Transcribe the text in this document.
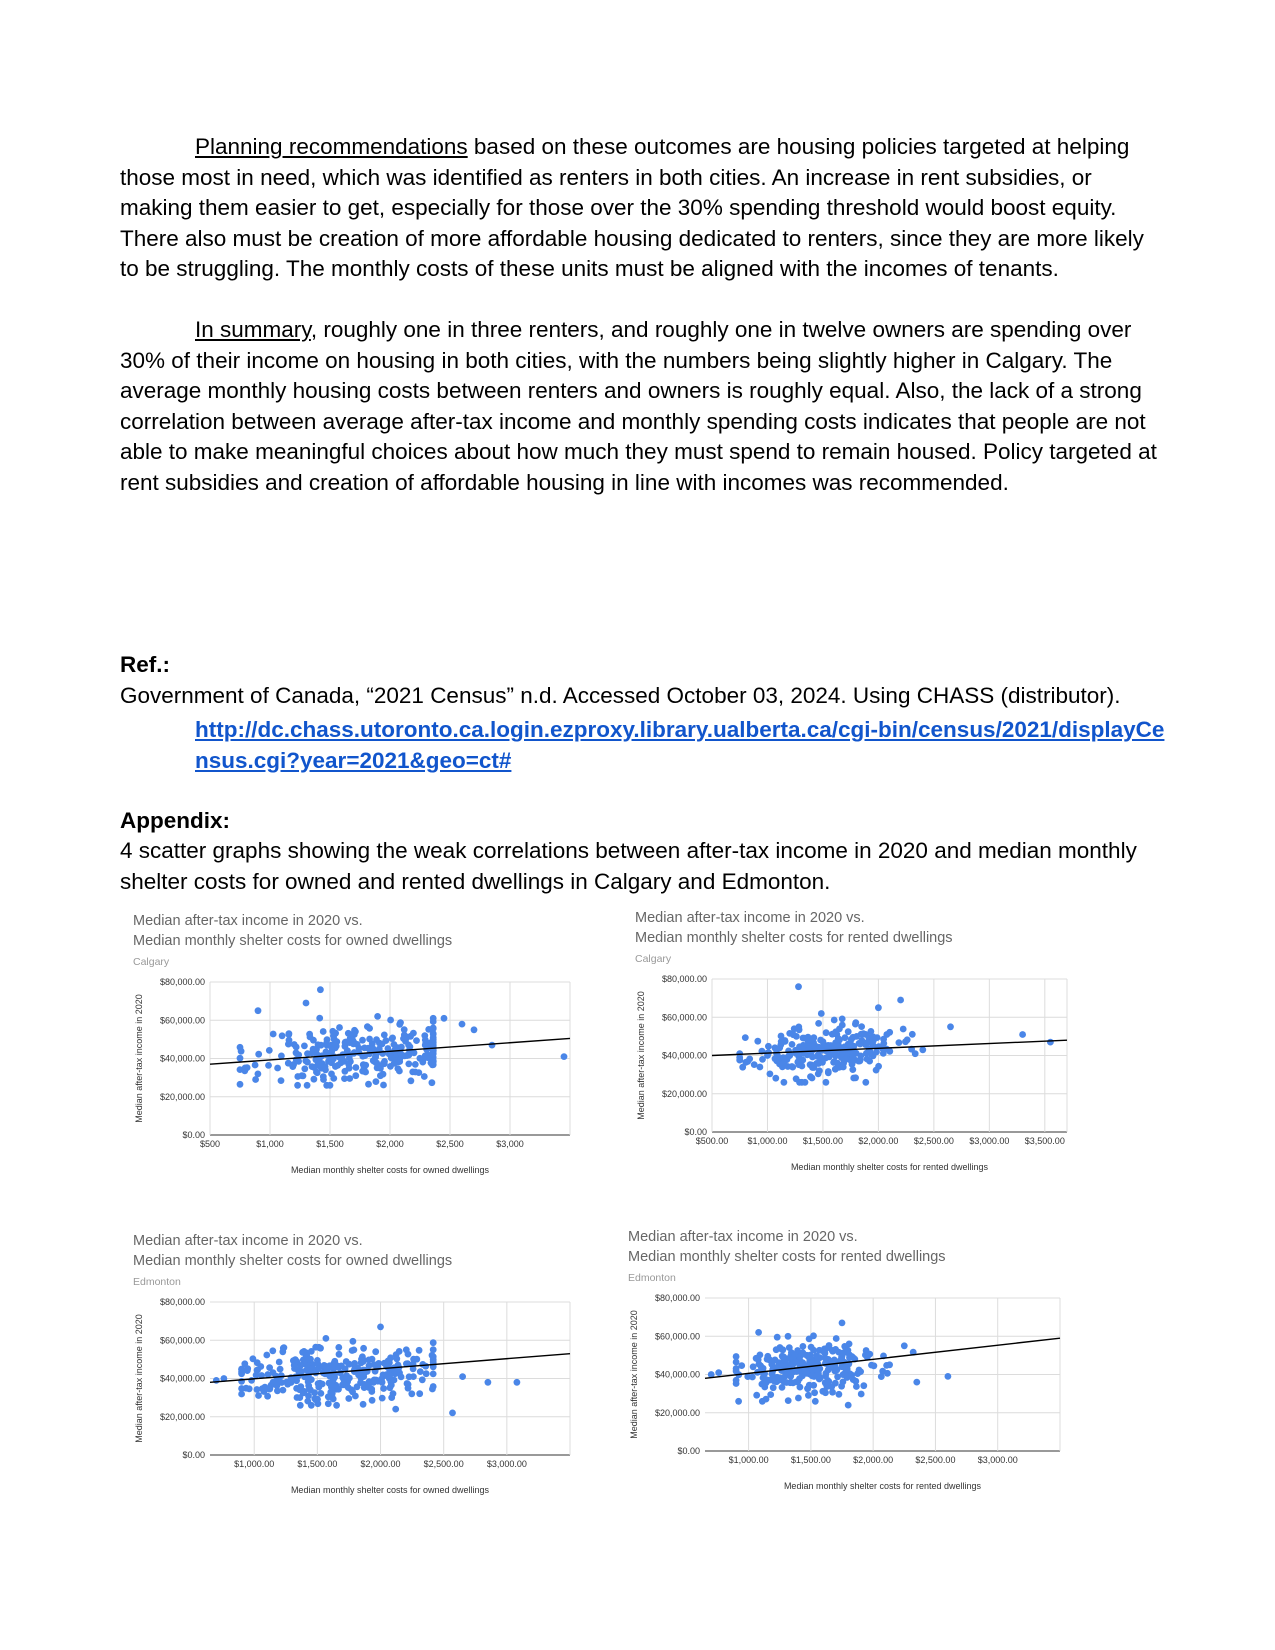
Planning recommendations based on these outcomes are housing policies targeted at helping those most in need, which was identified as renters in both cities. An increase in rent subsidies, or making them easier to get, especially for those over the 30% spending threshold would boost equity. There also must be creation of more affordable housing dedicated to renters, since they are more likely to be struggling. The monthly costs of these units must be aligned with the incomes of tenants.

In summary, roughly one in three renters, and roughly one in twelve owners are spending over 30% of their income on housing in both cities, with the numbers being slightly higher in Calgary. The average monthly housing costs between renters and owners is roughly equal. Also, the lack of a strong correlation between average after-tax income and monthly spending costs indicates that people are not able to make meaningful choices about how much they must spend to remain housed. Policy targeted at rent subsidies and creation of affordable housing in line with incomes was recommended.

Ref.:

Government of Canada, “2021 Census” n.d. Accessed October 03, 2024. Using CHASS (distributor).

http://dc.chass.utoronto.ca.login.ezproxy.library.ualberta.ca/cgi-bin/census/2021/displayCensus.cgi?year=2021&geo=ct#

Appendix:

4 scatter graphs showing the weak correlations between after-tax income in 2020 and median monthly shelter costs for owned and rented dwellings in Calgary and Edmonton.

Median after-tax income in 2020 vs.
Median monthly shelter costs for owned dwellings
Calgary
$0.00
$20,000.00
$40,000.00
$60,000.00
$80,000.00
$500	$1,000	$1,500	$2,000	$2,500	$3,000
Median monthly shelter costs for owned dwellings
Median after-tax income in 2020
Median after-tax income in 2020 vs.
Median monthly shelter costs for rented dwellings
Calgary
$0.00
$20,000.00
$40,000.00
$60,000.00
$80,000.00
$500.00 $1,000.00 $1,500.00 $2,000.00 $2,500.00 $3,000.00 $3,500.00
Median monthly shelter costs for rented dwellings
Median after-tax income in 2020
Median after-tax income in 2020 vs.
Median monthly shelter costs for owned dwellings
Edmonton
$0.00
$20,000.00
$40,000.00
$60,000.00
$80,000.00
$1,000.00	$1,500.00	$2,000.00	$2,500.00	$3,000.00
Median monthly shelter costs for owned dwellings
Median after-tax income in 2020
Median after-tax income in 2020 vs.
Median monthly shelter costs for rented dwellings
Edmonton
$0.00
$20,000.00
$40,000.00
$60,000.00
$80,000.00
$1,000.00 $1,500.00 $2,000.00 $2,500.00 $3,000.00
Median monthly shelter costs for rented dwellings
Median after-tax income in 2020
